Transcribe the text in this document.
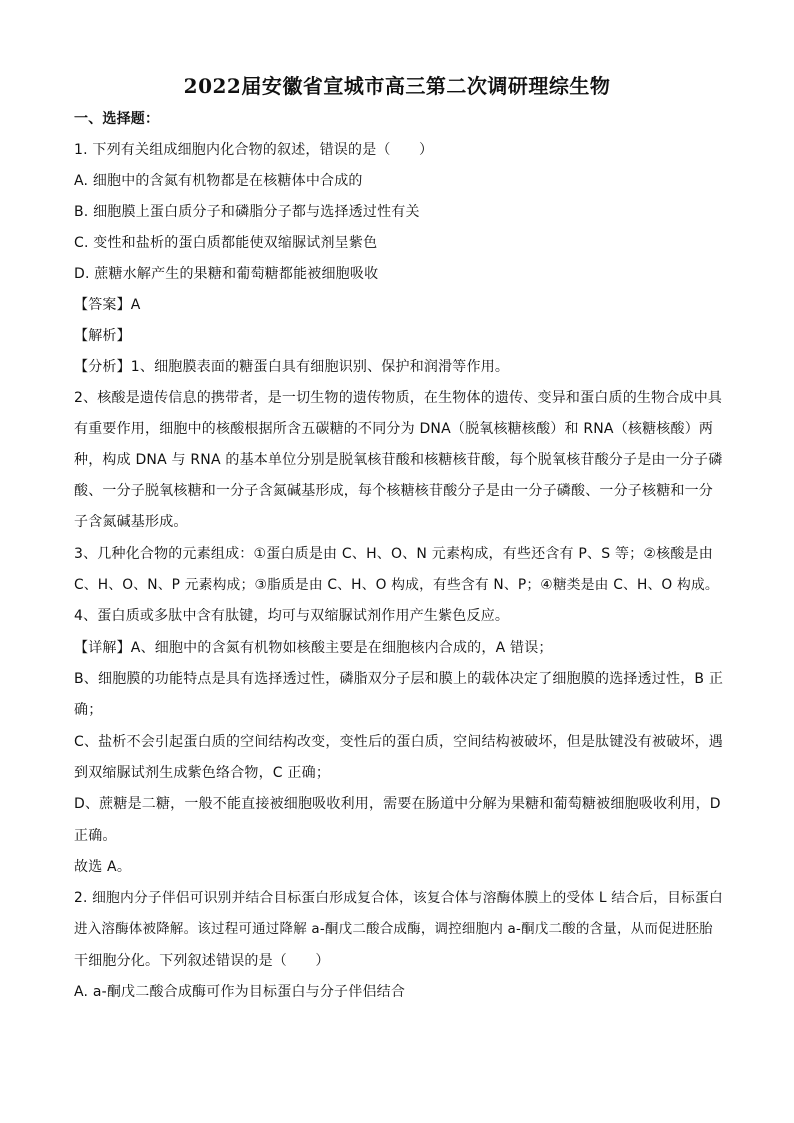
2022届安徽省宣城市高三第二次调研理综生物
一、选择题：
1. 下列有关组成细胞内化合物的叙述，错误的是（　　）
A. 细胞中的含氮有机物都是在核糖体中合成的
B. 细胞膜上蛋白质分子和磷脂分子都与选择透过性有关
C. 变性和盐析的蛋白质都能使双缩脲试剂呈紫色
D. 蔗糖水解产生的果糖和葡萄糖都能被细胞吸收
【答案】A
【解析】
【分析】1、细胞膜表面的糖蛋白具有细胞识别、保护和润滑等作用。
2、核酸是遗传信息的携带者，是一切生物的遗传物质，在生物体的遗传、变异和蛋白质的生物合成中具
有重要作用，细胞中的核酸根据所含五碳糖的不同分为 DNA（脱氧核糖核酸）和 RNA（核糖核酸）两
种，构成 DNA 与 RNA 的基本单位分别是脱氧核苷酸和核糖核苷酸，每个脱氧核苷酸分子是由一分子磷
酸、一分子脱氧核糖和一分子含氮碱基形成，每个核糖核苷酸分子是由一分子磷酸、一分子核糖和一分
子含氮碱基形成。
3、几种化合物的元素组成：①蛋白质是由 C、H、O、N 元素构成，有些还含有 P、S 等；②核酸是由
C、H、O、N、P 元素构成；③脂质是由 C、H、O 构成，有些含有 N、P；④糖类是由 C、H、O 构成。
4、蛋白质或多肽中含有肽键，均可与双缩脲试剂作用产生紫色反应。
【详解】A、细胞中的含氮有机物如核酸主要是在细胞核内合成的，A 错误；
B、细胞膜的功能特点是具有选择透过性，磷脂双分子层和膜上的载体决定了细胞膜的选择透过性，B 正
确；
C、盐析不会引起蛋白质的空间结构改变，变性后的蛋白质，空间结构被破坏，但是肽键没有被破坏，遇
到双缩脲试剂生成紫色络合物，C 正确；
D、蔗糖是二糖，一般不能直接被细胞吸收利用，需要在肠道中分解为果糖和葡萄糖被细胞吸收利用，D
正确。
故选 A。
2. 细胞内分子伴侣可识别并结合目标蛋白形成复合体，该复合体与溶酶体膜上的受体 L 结合后，目标蛋白
进入溶酶体被降解。该过程可通过降解 a-酮戊二酸合成酶，调控细胞内 a-酮戊二酸的含量，从而促进胚胎
干细胞分化。下列叙述错误的是（　　）
A. a-酮戊二酸合成酶可作为目标蛋白与分子伴侣结合
